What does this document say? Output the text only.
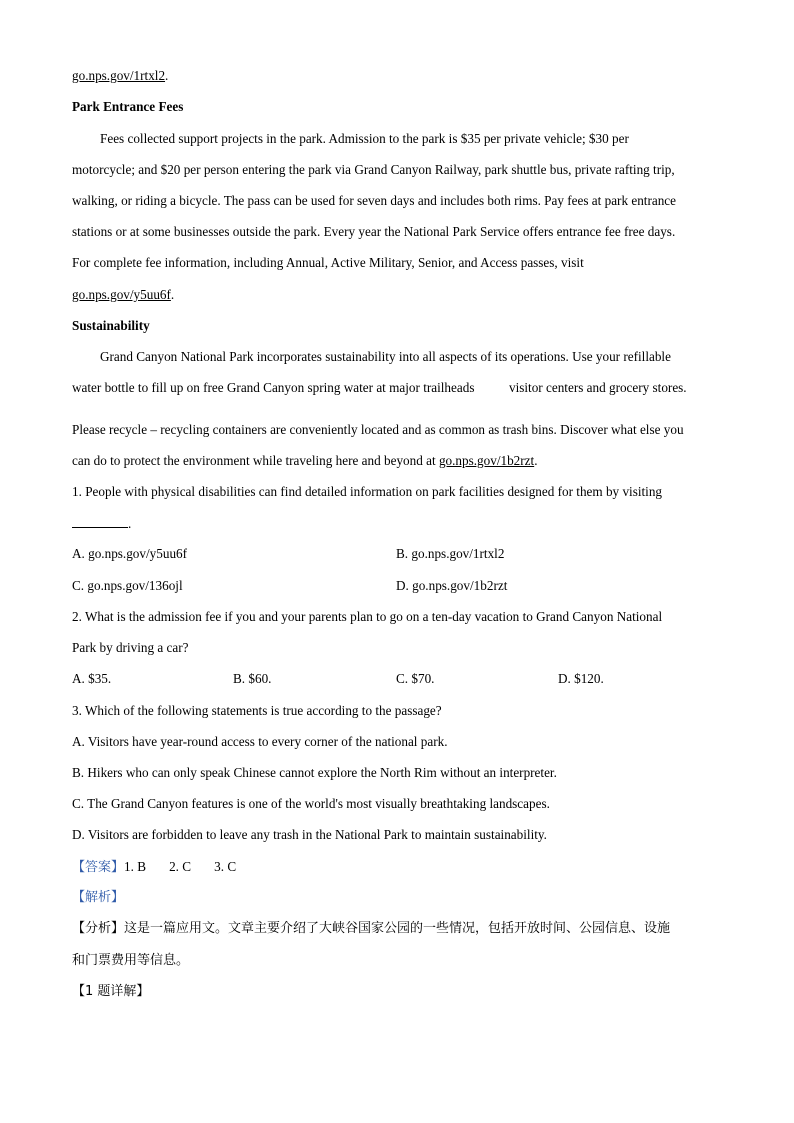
go.nps.gov/1rtxl2.
Park Entrance Fees
Fees collected support projects in the park. Admission to the park is $35 per private vehicle; $30 per
motorcycle; and $20 per person entering the park via Grand Canyon Railway, park shuttle bus, private rafting trip,
walking, or riding a bicycle. The pass can be used for seven days and includes both rims. Pay fees at park entrance
stations or at some businesses outside the park. Every year the National Park Service offers entrance fee free days.
For complete fee information, including Annual, Active Military, Senior, and Access passes, visit
go.nps.gov/y5uu6f.
Sustainability
Grand Canyon National Park incorporates sustainability into all aspects of its operations. Use your refillable
water bottle to fill up on free Grand Canyon spring water at major trailheads	visitor centers and grocery stores.
Please recycle – recycling containers are conveniently located and as common as trash bins. Discover what else you
can do to protect the environment while traveling here and beyond at go.nps.gov/1b2rzt.
1. People with physical disabilities can find detailed information on park facilities designed for them by visiting
.
A. go.nps.gov/y5uu6f	B. go.nps.gov/1rtxl2
C. go.nps.gov/136ojl	D. go.nps.gov/1b2rzt
2. What is the admission fee if you and your parents plan to go on a ten-day vacation to Grand Canyon National
Park by driving a car?
A. $35.	B. $60.	C. $70.	D. $120.
3. Which of the following statements is true according to the passage?
A. Visitors have year-round access to every corner of the national park.
B. Hikers who can only speak Chinese cannot explore the North Rim without an interpreter.
C. The Grand Canyon features is one of the world's most visually breathtaking landscapes.
D. Visitors are forbidden to leave any trash in the National Park to maintain sustainability.
【答案】1. B       2. C       3. C
【解析】
【分析】这是一篇应用文。文章主要介绍了大峡谷国家公园的一些情况，包括开放时间、公园信息、设施
和门票费用等信息。
【1 题详解】
